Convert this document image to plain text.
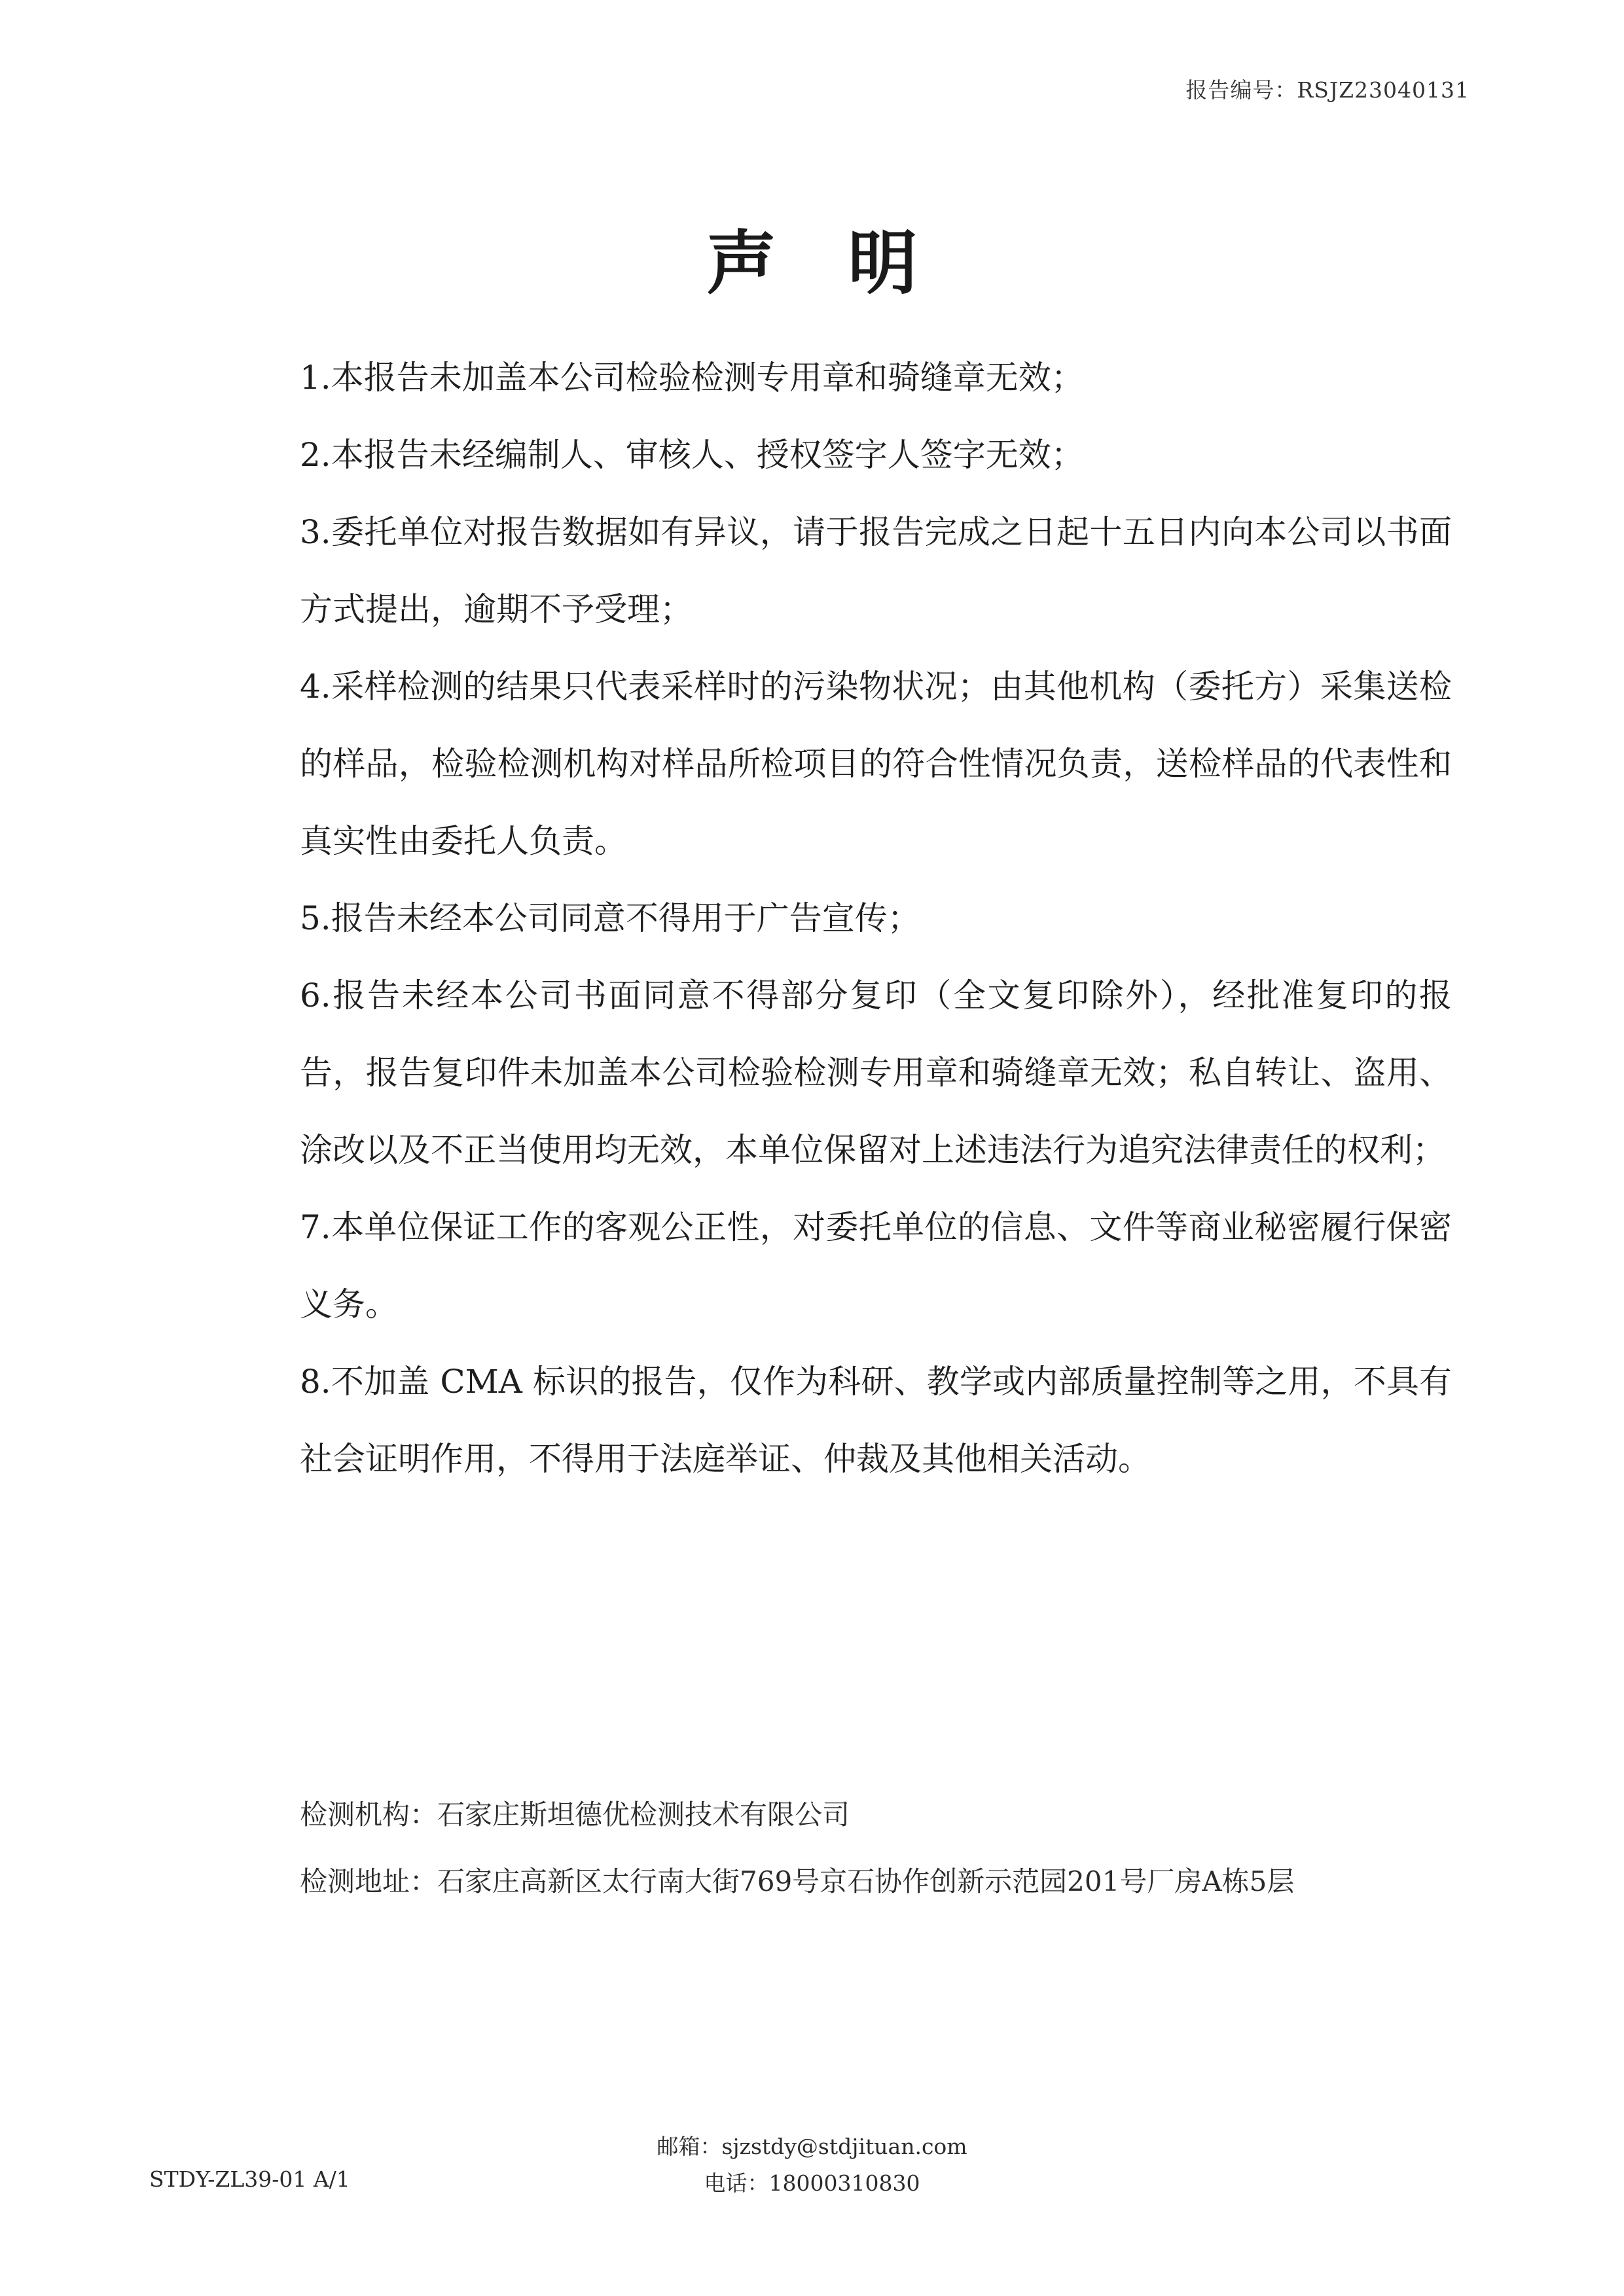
报告编号：RSJZ23040131
声明

1.本报告未加盖本公司检验检测专用章和骑缝章无效；

2.本报告未经编制人、审核人、授权签字人签字无效；

3.委托单位对报告数据如有异议，请于报告完成之日起十五日内向本公司以书面方式提出，逾期不予受理；

4.采样检测的结果只代表采样时的污染物状况；由其他机构（委托方）采集送检的样品，检验检测机构对样品所检项目的符合性情况负责，送检样品的代表性和真实性由委托人负责。

5.报告未经本公司同意不得用于广告宣传；

6.报告未经本公司书面同意不得部分复印（全文复印除外），经批准复印的报告，报告复印件未加盖本公司检验检测专用章和骑缝章无效；私自转让、盗用、涂改以及不正当使用均无效，本单位保留对上述违法行为追究法律责任的权利；

7.本单位保证工作的客观公正性，对委托单位的信息、文件等商业秘密履行保密义务。

8.不加盖 CMA 标识的报告，仅作为科研、教学或内部质量控制等之用，不具有社会证明作用，不得用于法庭举证、仲裁及其他相关活动。

检测机构：石家庄斯坦德优检测技术有限公司
检测地址：石家庄高新区太行南大街769号京石协作创新示范园201号厂房A栋5层
邮箱：sjzstdy@stdjituan.com
电话：18000310830
STDY-ZL39-01 A/1
